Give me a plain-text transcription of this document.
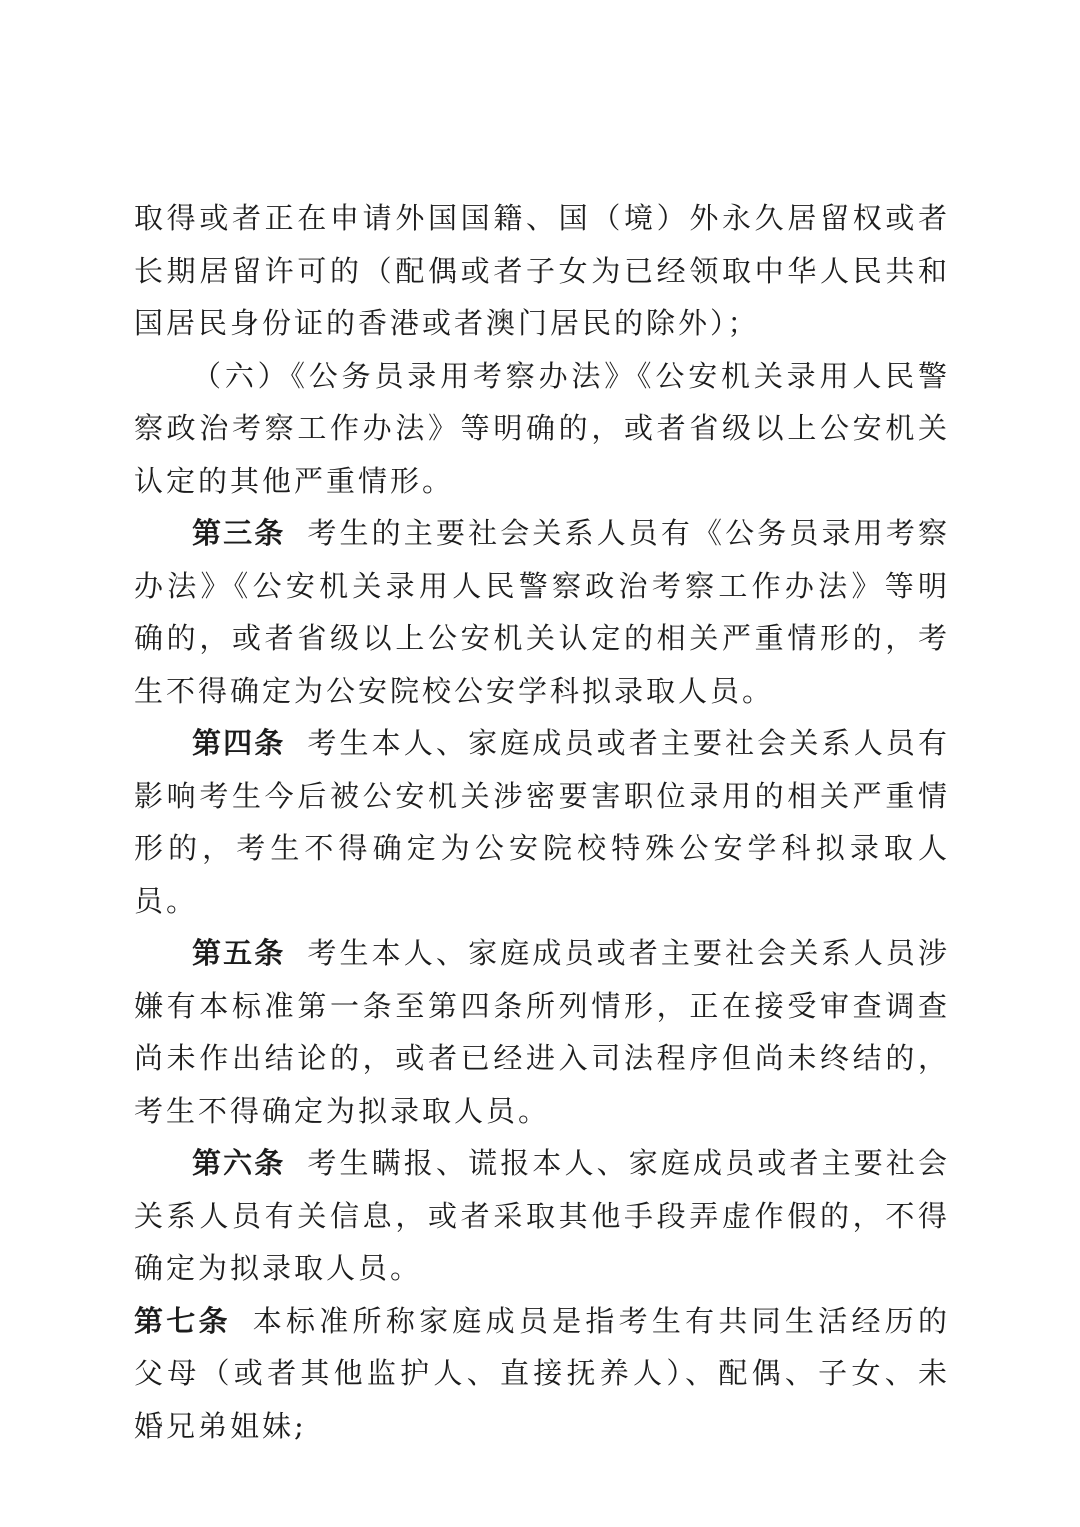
取得或者正在申请外国国籍、国（境）外永久居留权或者长期居留许可的（配偶或者子女为已经领取中华人民共和国居民身份证的香港或者澳门居民的除外）；

（六）《公务员录用考察办法》《公安机关录用人民警察政治考察工作办法》等明确的，或者省级以上公安机关认定的其他严重情形。

第三条 考生的主要社会关系人员有《公务员录用考察办法》《公安机关录用人民警察政治考察工作办法》等明确的，或者省级以上公安机关认定的相关严重情形的，考生不得确定为公安院校公安学科拟录取人员。

第四条 考生本人、家庭成员或者主要社会关系人员有影响考生今后被公安机关涉密要害职位录用的相关严重情形的，考生不得确定为公安院校特殊公安学科拟录取人员。

第五条 考生本人、家庭成员或者主要社会关系人员涉嫌有本标准第一条至第四条所列情形，正在接受审查调查尚未作出结论的，或者已经进入司法程序但尚未终结的，考生不得确定为拟录取人员。

第六条 考生瞒报、谎报本人、家庭成员或者主要社会关系人员有关信息，或者采取其他手段弄虚作假的，不得确定为拟录取人员。

第七条 本标准所称家庭成员是指考生有共同生活经历的父母（或者其他监护人、直接抚养人）、配偶、子女、未婚兄弟姐妹;
